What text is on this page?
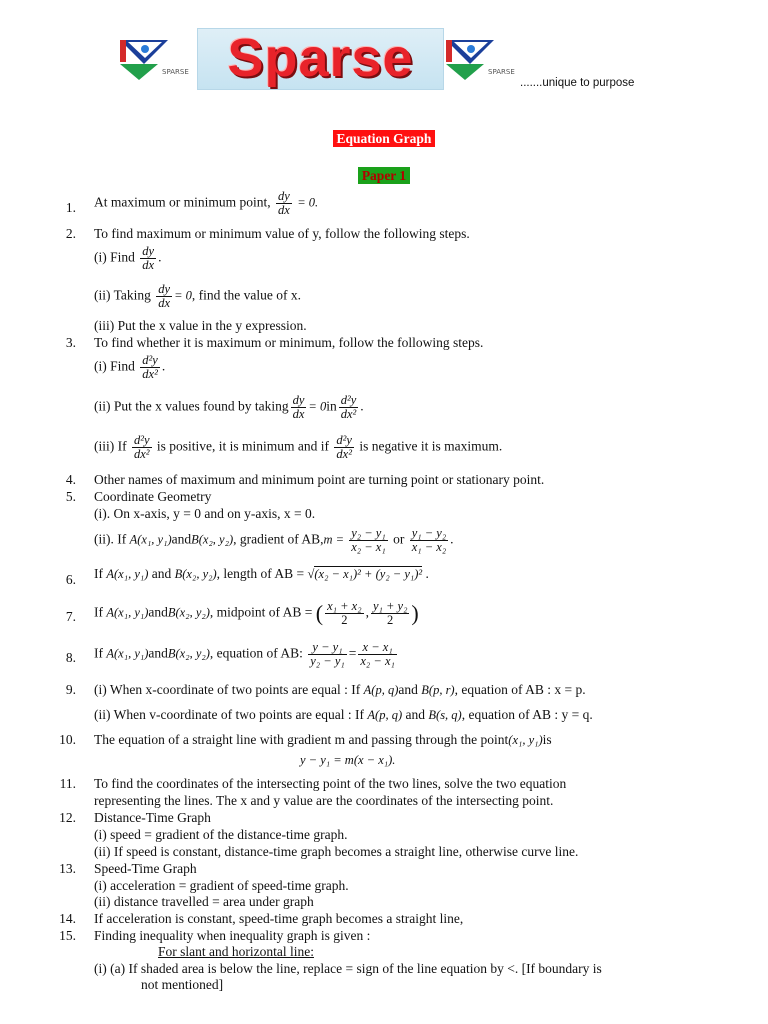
SPARSE Sparse	SPARSE
.......unique to purpose
Equation Graph
Paper 1
1. At maximum or minimum point, $\frac{dy}{dx} = 0$.
2. To find maximum or minimum value of y, follow the following steps.
(i) Find $\frac{dy}{dx}$ .
(ii) Taking $\frac{dy}{dx} = 0$, find the value of x.
(iii) Put the x value in the y expression.
3. To find whether it is maximum or minimum, follow the following steps.
(i) Find $\frac{\text{d²y}}{\text{dx²}}$ .
(ii) Put the x values found by taking $\frac{dy}{dx} = 0in \frac{\text{d²y}}{\text{dx²}}$ .
(iii) If $\frac{\text{d²y}}{\text{dx²}}$ is positive, it is minimum and if $\frac{\text{d²y}}{\text{dx²}}$ is negative it is maximum.
4. Other names of maximum and minimum point are turning point or stationary point.
5. Coordinate Geometry
(i). On x-axis, y = 0 and on y-axis, x = 0.
(ii). If A(x₁, y₁)andB(x₂, y₂), gradient of $AB,m = \frac{\text{y₂ − y₁}}{\text{x₂ − x₁}}$ or $\frac{\text{y₁ − y₂}}{\text{x₁ − x₂}}$ .
6. If A(x₁, y₁) and B(x₂, y₂), length of AB = √(x₂ − x₁)² + (y₂ − y₁)² .
7. If A(x₁, y₁)andB(x₂, y₂), midpoint of AB = ( $\frac{\text{x₁ + x₂}}{2}$ , $\frac{\text{y₁ + y₂}}{2}$ )
8. If A(x₁, y₁)andB(x₂, y₂), equation of AB: $\frac{\text{y − y₁}}{\text{y₂ − y₁}} = \frac{\text{x − x₁}}{\text{x₂ − x₁}}$
9. (i) When x-coordinate of two points are equal : If A(p, q)and B(p, r), equation of AB : x = p.
(ii) When v-coordinate of two points are equal : If A(p, q) and B(s, q), equation of AB : y = q.
10. The equation of a straight line with gradient m and passing through the point(x₁, y₁)is
y − y₁ = m(x − x₁).
11. To find the coordinates of the intersecting point of the two lines, solve the two equation
representing the lines. The x and y value are the coordinates of the intersecting point.
12. Distance-Time Graph
(i) speed = gradient of the distance-time graph.
(ii) If speed is constant, distance-time graph becomes a straight line, otherwise curve line.
13. Speed-Time Graph
(i) acceleration = gradient of speed-time graph.
(ii) distance travelled = area under graph
14. If acceleration is constant, speed-time graph becomes a straight line,
15. Finding inequality when inequality graph is given :
For slant and horizontal line:
(i) (a) If shaded area is below the line, replace = sign of the line equation by <. [If boundary is
not mentioned]
